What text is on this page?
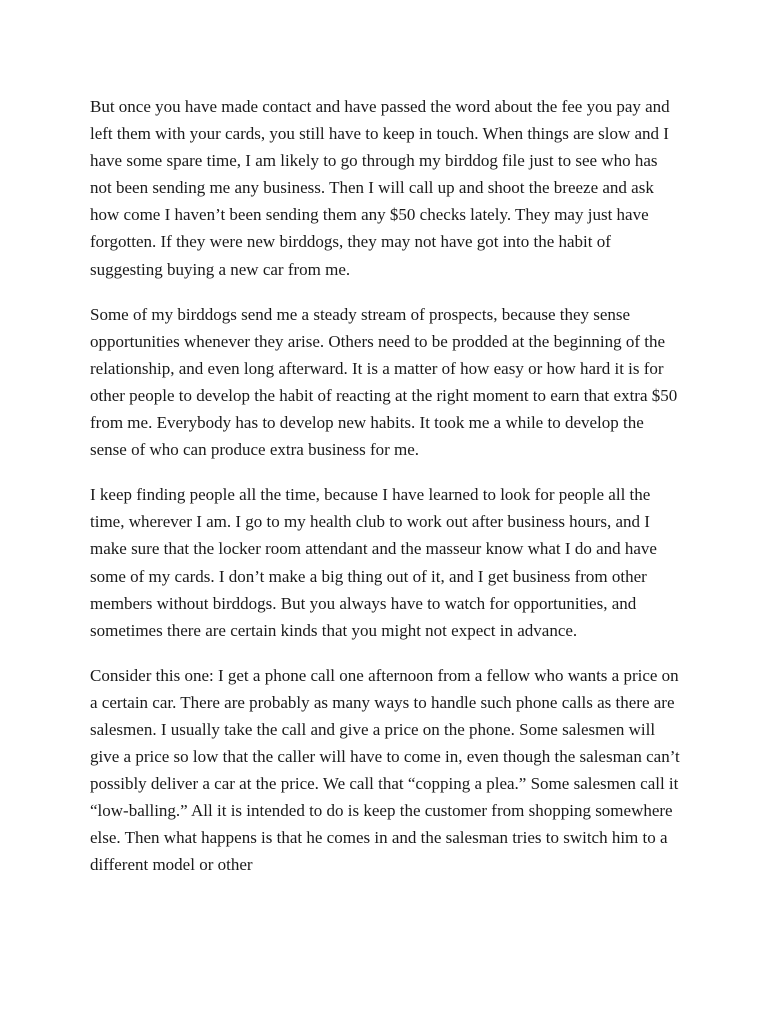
But once you have made contact and have passed the word about the fee you pay and left them with your cards, you still have to keep in touch. When things are slow and I have some spare time, I am likely to go through my birddog file just to see who has not been sending me any business. Then I will call up and shoot the breeze and ask how come I haven’t been sending them any $50 checks lately. They may just have forgotten. If they were new birddogs, they may not have got into the habit of suggesting buying a new car from me.

Some of my birddogs send me a steady stream of prospects, because they sense opportunities whenever they arise. Others need to be prodded at the beginning of the relationship, and even long afterward. It is a matter of how easy or how hard it is for other people to develop the habit of reacting at the right moment to earn that extra $50 from me. Everybody has to develop new habits. It took me a while to develop the sense of who can produce extra business for me.

I keep finding people all the time, because I have learned to look for people all the time, wherever I am. I go to my health club to work out after business hours, and I make sure that the locker room attendant and the masseur know what I do and have some of my cards. I don’t make a big thing out of it, and I get business from other members without birddogs. But you always have to watch for opportunities, and sometimes there are certain kinds that you might not expect in advance.

Consider this one: I get a phone call one afternoon from a fellow who wants a price on a certain car. There are probably as many ways to handle such phone calls as there are salesmen. I usually take the call and give a price on the phone. Some salesmen will give a price so low that the caller will have to come in, even though the salesman can’t possibly deliver a car at the price. We call that “copping a plea.” Some salesmen call it “low-balling.” All it is intended to do is keep the customer from shopping somewhere else. Then what happens is that he comes in and the salesman tries to switch him to a different model or other
